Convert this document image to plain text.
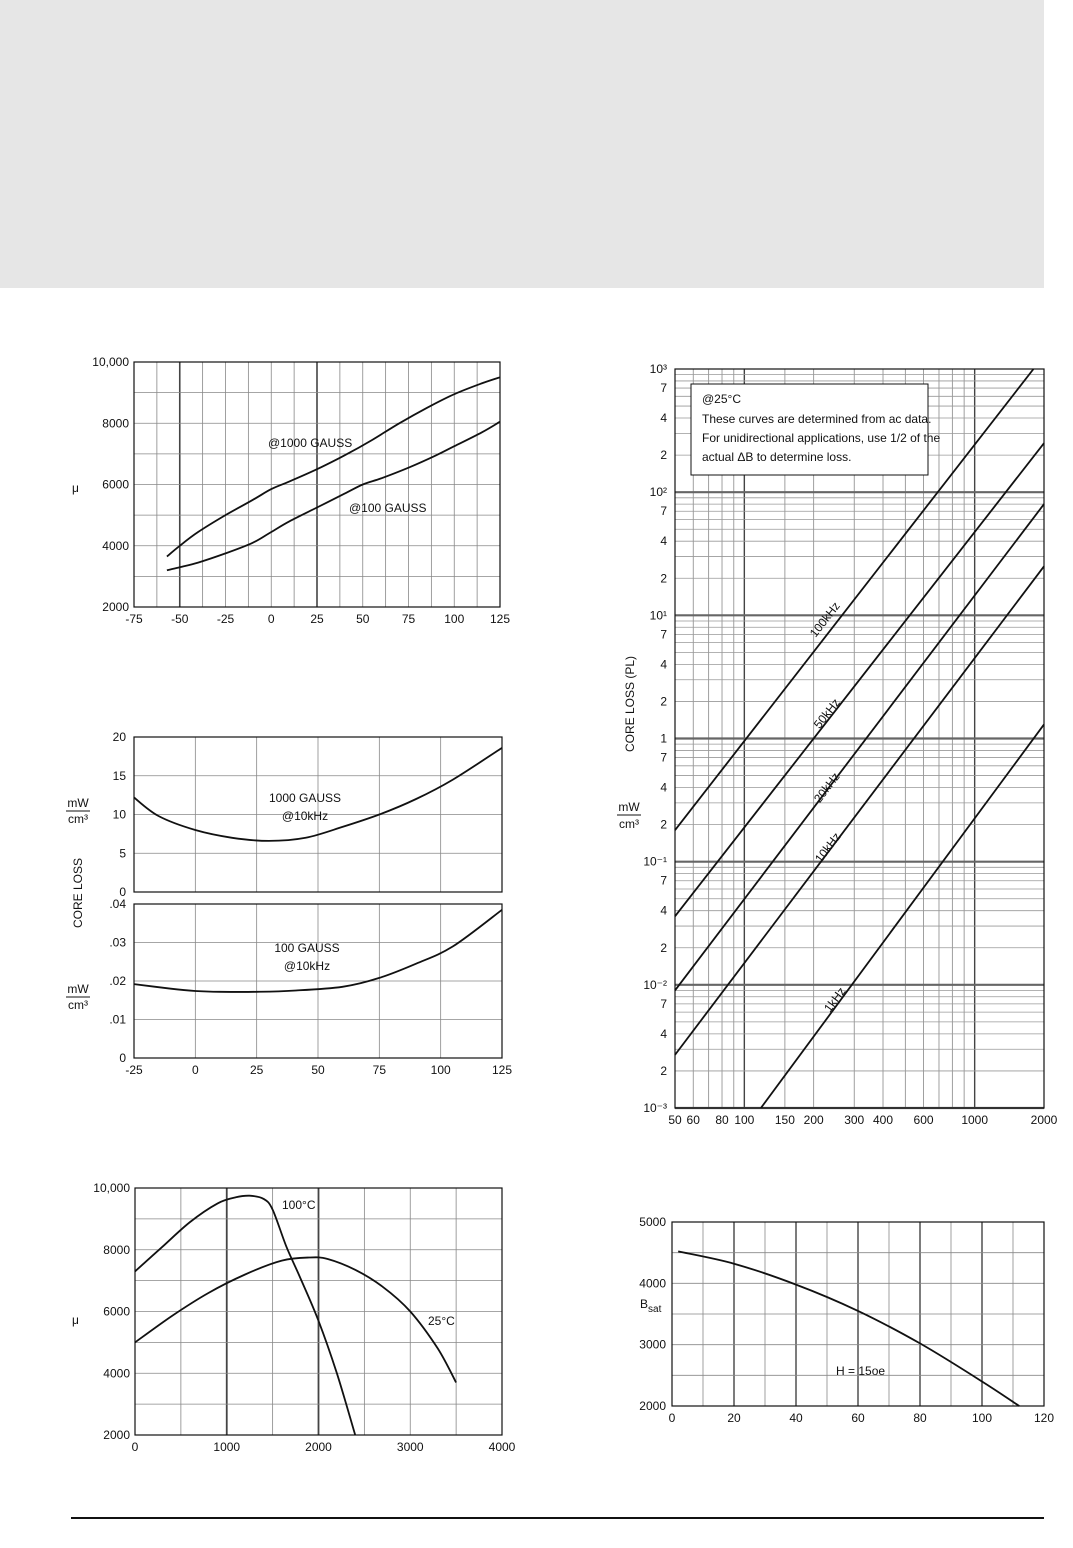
-75 -50 -25	0	25	50	75 100 125
2000
4000
6000
8000
10,000
μ
@1000 GAUSS
@100 GAUSS
0
5
10
15
20
1000 GAUSS
@10kHz
mW
cm³
-25	0	25	50	75	100	125
0
.01
.02
.03
.04
100 GAUSS
@10kHz
mW
cm³
CORE LOSS
0	1000	2000	3000	4000
2000
4000
6000
8000
10,000
μ
100°C
25°C
50 60 80 100 150 200 300 400 600 1000	2000
10³
7
4
2
10²
7
4
2
10¹
7
4
2
1
7
4
2
10⁻¹
7
4
2
10⁻²
7
4
2
10⁻³
CORE LOSS (PL)
mW
cm³
@25°C
These curves are determined from ac data.
For unidirectional applications, use 1/2 of the
actual ΔB to determine loss.
100kHz
50kHz
20kHz
10kHz
1kHz
0	20	40	60	80	100	120
2000
3000
4000
5000
$B_{sat}$
H = 15oe
